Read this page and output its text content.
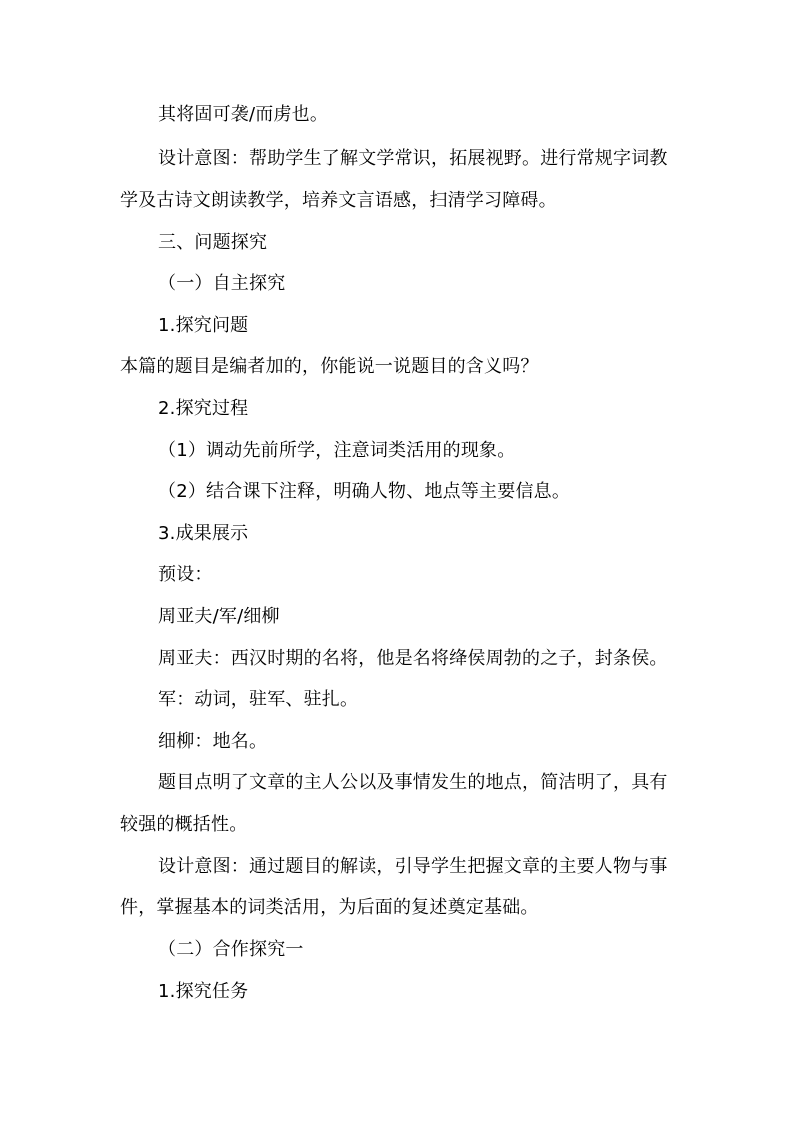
其将固可袭/而虏也。
设计意图：帮助学生了解文学常识，拓展视野。进行常规字词教
学及古诗文朗读教学，培养文言语感，扫清学习障碍。
三、问题探究
（一）自主探究
1.探究问题
本篇的题目是编者加的，你能说一说题目的含义吗？
2.探究过程
（1）调动先前所学，注意词类活用的现象。
（2）结合课下注释，明确人物、地点等主要信息。
3.成果展示
预设：
周亚夫/军/细柳
周亚夫：西汉时期的名将，他是名将绛侯周勃的之子，封条侯。
军：动词，驻军、驻扎。
细柳：地名。
题目点明了文章的主人公以及事情发生的地点，简洁明了，具有
较强的概括性。
设计意图：通过题目的解读，引导学生把握文章的主要人物与事
件，掌握基本的词类活用，为后面的复述奠定基础。
（二）合作探究一
1.探究任务
